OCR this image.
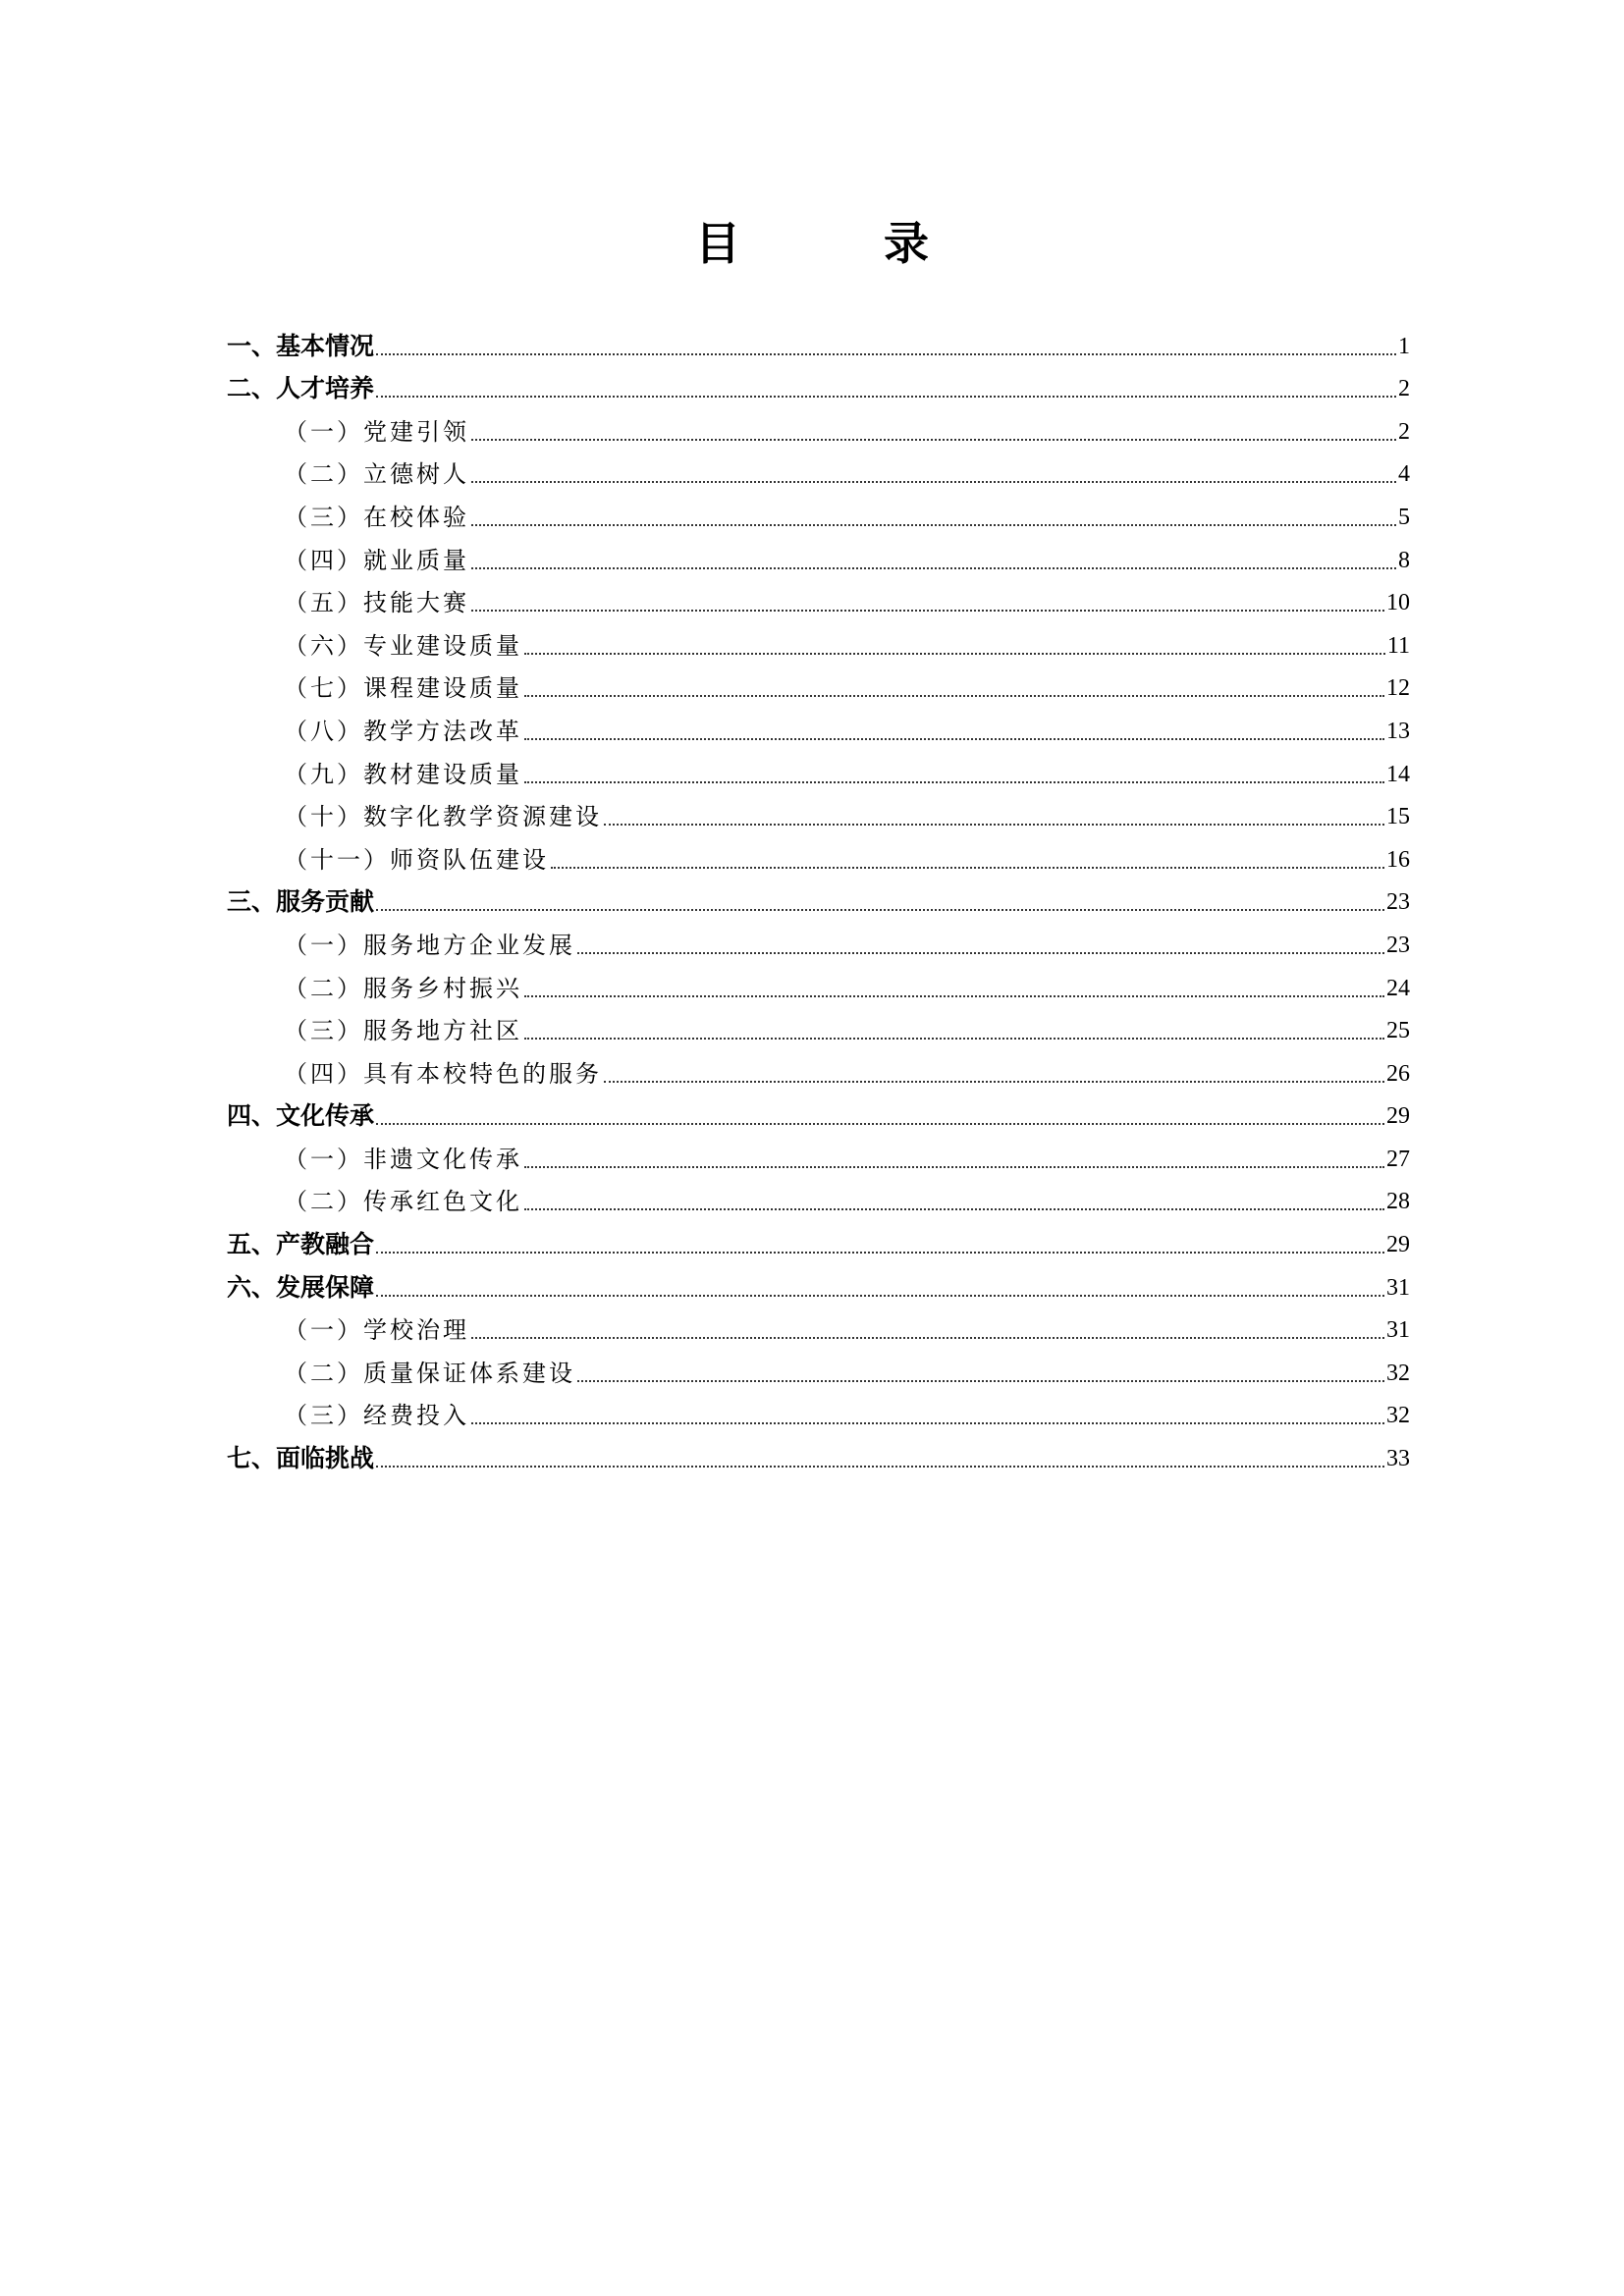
目　录
一、基本情况	1
二、人才培养	2
（一）党建引领	2
（二）立德树人	4
（三）在校体验	5
（四）就业质量	8
（五）技能大赛	10
（六）专业建设质量	11
（七）课程建设质量	12
（八）教学方法改革	13
（九）教材建设质量	14
（十）数字化教学资源建设	15
（十一）师资队伍建设	16
三、服务贡献	23
（一）服务地方企业发展	23
（二）服务乡村振兴	24
（三）服务地方社区	25
（四）具有本校特色的服务	26
四、文化传承	29
（一）非遗文化传承	27
（二）传承红色文化	28
五、产教融合	29
六、发展保障	31
（一）学校治理	31
（二）质量保证体系建设	32
（三）经费投入	32
七、面临挑战	33
